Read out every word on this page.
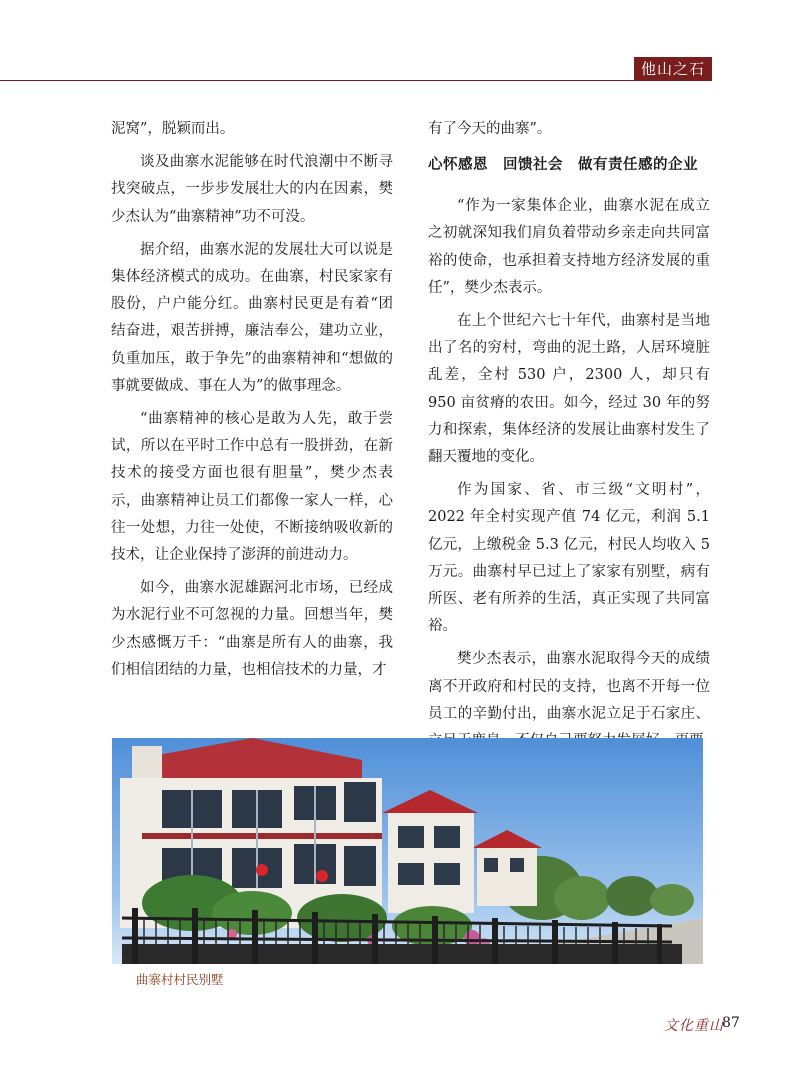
他山之石

泥窝”，脱颖而出。

谈及曲寨水泥能够在时代浪潮中不断寻找突破点，一步步发展壮大的内在因素，樊少杰认为“曲寨精神”功不可没。

据介绍，曲寨水泥的发展壮大可以说是集体经济模式的成功。在曲寨，村民家家有股份，户户能分红。曲寨村民更是有着“团结奋进，艰苦拼搏，廉洁奉公，建功立业，负重加压，敢于争先”的曲寨精神和“想做的事就要做成、事在人为”的做事理念。

“曲寨精神的核心是敢为人先，敢于尝试，所以在平时工作中总有一股拼劲，在新技术的接受方面也很有胆量”，樊少杰表示，曲寨精神让员工们都像一家人一样，心往一处想，力往一处使，不断接纳吸收新的技术，让企业保持了澎湃的前进动力。

如今，曲寨水泥雄踞河北市场，已经成为水泥行业不可忽视的力量。回想当年，樊少杰感慨万千：“曲寨是所有人的曲寨，我们相信团结的力量，也相信技术的力量，才

有了今天的曲寨”。

心怀感恩　回馈社会　做有责任感的企业

“作为一家集体企业，曲寨水泥在成立之初就深知我们肩负着带动乡亲走向共同富裕的使命，也承担着支持地方经济发展的重任”，樊少杰表示。

在上个世纪六七十年代，曲寨村是当地出了名的穷村，弯曲的泥土路，人居环境脏乱差，全村 530 户，2300 人，却只有 950 亩贫瘠的农田。如今，经过 30 年的努力和探索，集体经济的发展让曲寨村发生了翻天覆地的变化。

作为国家、省、市三级“文明村”，2022 年全村实现产值 74 亿元，利润 5.1 亿元，上缴税金 5.3 亿元，村民人均收入 5 万元。曲寨村早已过上了家家有别墅，病有所医、老有所养的生活，真正实现了共同富裕。

樊少杰表示，曲寨水泥取得今天的成绩离不开政府和村民的支持，也离不开每一位员工的辛勤付出，曲寨水泥立足于石家庄、

曲寨村村民别墅
文化重山
87
